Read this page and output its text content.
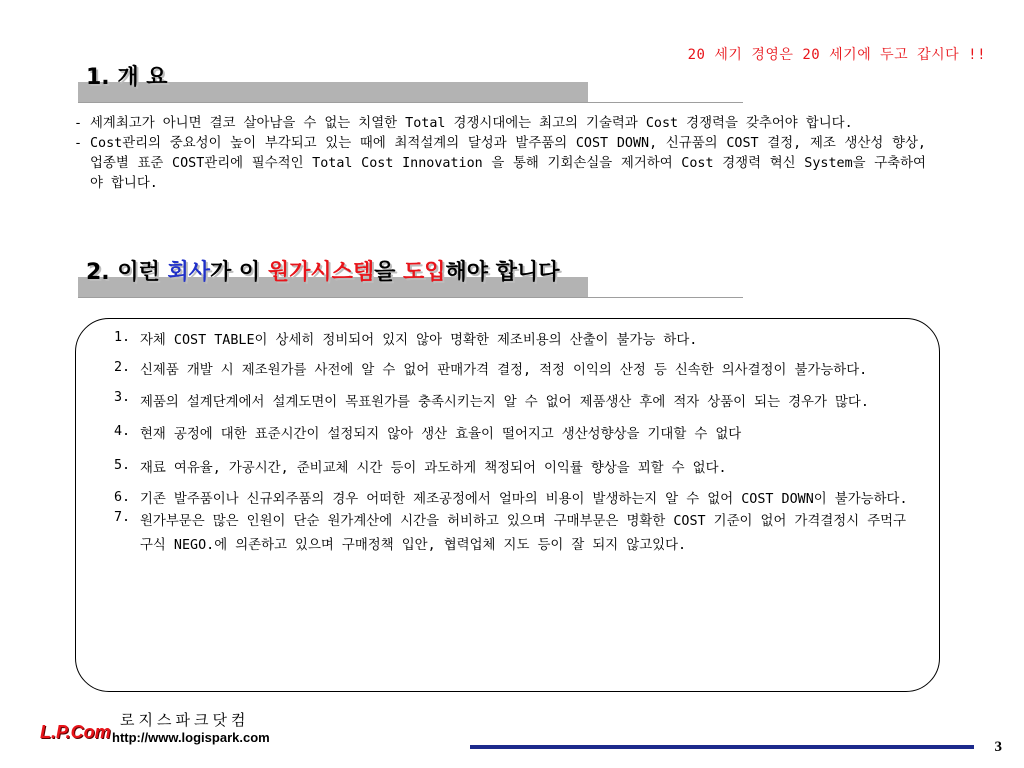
20 세기 경영은 20 세기에 두고 갑시다 !!
1. 개 요
- 세계최고가 아니면 결코 살아남을 수 없는 치열한 Total 경쟁시대에는 최고의 기술력과 Cost 경쟁력을 갖추어야 합니다.
- Cost관리의 중요성이 높이 부각되고 있는 때에 최적설계의 달성과 발주품의 COST DOWN, 신규품의 COST 결정, 제조 생산성 향상, 업종별 표준 COST관리에 필수적인 Total Cost Innovation 을 통해 기회손실을 제거하여 Cost 경쟁력 혁신 System을 구축하여야 합니다.
2. 이런 회사가 이 원가시스템을 도입해야 합니다
1. 자체 COST TABLE이 상세히 정비되어 있지 않아 명확한 제조비용의 산출이 불가능 하다.
2. 신제품 개발 시 제조원가를 사전에 알 수 없어 판매가격 결정, 적정 이익의 산정 등 신속한 의사결정이 불가능하다.
3. 제품의 설계단계에서 설계도면이 목표원가를 충족시키는지 알 수 없어 제품생산 후에 적자 상품이 되는 경우가 많다.
4. 현재 공정에 대한 표준시간이 설정되지 않아 생산 효율이 떨어지고 생산성향상을 기대할 수 없다
5. 재료 여유율, 가공시간, 준비교체 시간 등이 과도하게 책정되어 이익률 향상을 꾀할 수 없다.
6. 기존 발주품이나 신규외주품의 경우 어떠한 제조공정에서 얼마의 비용이 발생하는지 알 수 없어 COST DOWN이 불가능하다.
7. 원가부문은 많은 인원이 단순 원가계산에 시간을 허비하고 있으며 구매부문은 명확한 COST 기준이 없어 가격결정시 주먹구구식 NEGO.에 의존하고 있으며 구매정책 입안, 협력업체 지도 등이 잘 되지 않고있다.
L.P.Com
로지스파크닷컴
http://www.logispark.com
3
